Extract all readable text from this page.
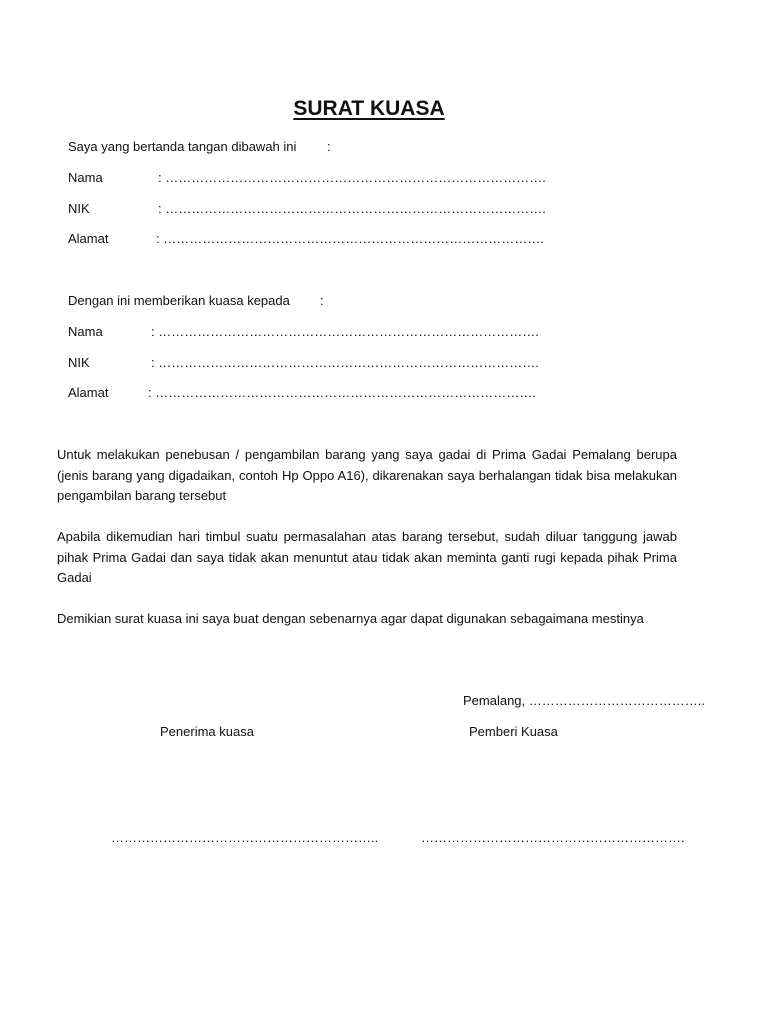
SURAT KUASA
Saya yang bertanda tangan dibawah ini :
Nama	: …………………………………………………………………………….
NIK	: …………………………………………………………………………….
Alamat	: …………………………………………………………………………….
Dengan ini memberikan kuasa kepada :
Nama	: …………………………………………………………………………….
NIK	: …………………………………………………………………………….
Alamat	: …………………………………………………………………………….
Untuk melakukan penebusan / pengambilan barang yang saya gadai di Prima Gadai Pemalang berupa (jenis barang yang digadaikan, contoh Hp Oppo A16), dikarenakan saya berhalangan tidak bisa melakukan pengambilan barang tersebut
Apabila dikemudian hari timbul suatu permasalahan atas barang tersebut, sudah diluar tanggung jawab pihak Prima Gadai dan saya tidak akan menuntut atau tidak akan meminta ganti rugi kepada pihak Prima Gadai
Demikian surat kuasa ini saya buat dengan sebenarnya agar dapat digunakan sebagaimana mestinya
Pemalang, …………………………………..
Penerima kuasa	Pemberi Kuasa
……………………………………………………..	…………………………………………………….
